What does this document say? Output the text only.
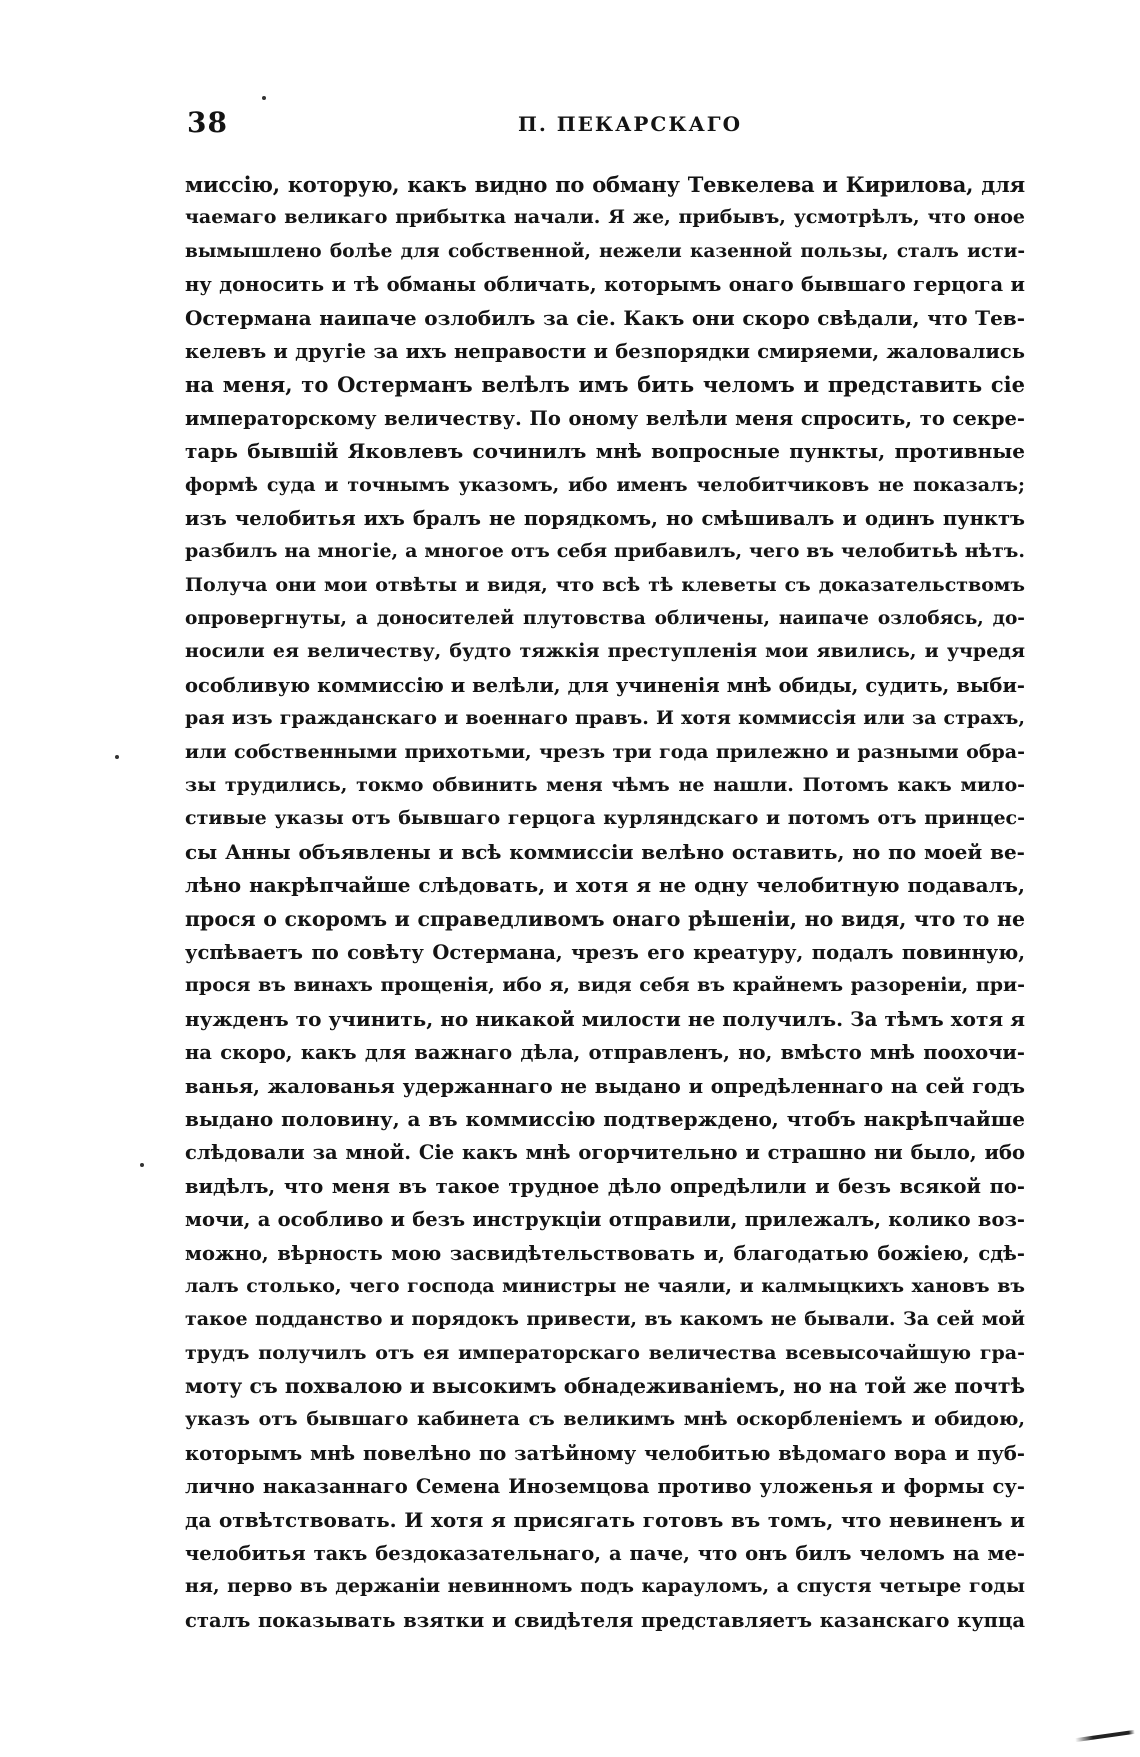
38	П. ПЕКАРСКАГО
миссію, которую, какъ видно по обману Тевкелева и Кирилова, для
чаемаго великаго прибытка начали. Я же, прибывъ, усмотрѣлъ, что оное
вымышлено болѣе для собственной, нежели казенной пользы, сталъ исти-
ну доносить и тѣ обманы обличать, которымъ онаго бывшаго герцога и
Остермана наипаче озлобилъ за сіе. Какъ они скоро свѣдали, что Тев-
келевъ и другіе за ихъ неправости и безпорядки смиряеми, жаловались
на меня, то Остерманъ велѣлъ имъ бить челомъ и представить сіе
императорскому величеству. По оному велѣли меня спросить, то секре-
тарь бывшій Яковлевъ сочинилъ мнѣ вопросные пункты, противные
формѣ суда и точнымъ указомъ, ибо именъ челобитчиковъ не показалъ;
изъ челобитья ихъ бралъ не порядкомъ, но смѣшивалъ и одинъ пунктъ
разбилъ на многіе, а многое отъ себя прибавилъ, чего въ челобитьѣ нѣтъ.
Получа они мои отвѣты и видя, что всѣ тѣ клеветы съ доказательствомъ
опровергнуты, а доносителей плутовства обличены, наипаче озлобясь, до-
носили ея величеству, будто тяжкія преступленія мои явились, и учредя
особливую коммиссію и велѣли, для учиненія мнѣ обиды, судить, выби-
рая изъ гражданскаго и военнаго правъ. И хотя коммиссія или за страхъ,
или собственными прихотьми, чрезъ три года прилежно и разными обра-
зы трудились, токмо обвинить меня чѣмъ не нашли. Потомъ какъ мило-
стивые указы отъ бывшаго герцога курляндскаго и потомъ отъ принцес-
сы Анны объявлены и всѣ коммиссіи велѣно оставить, но по моей ве-
лѣно накрѣпчайше слѣдовать, и хотя я не одну челобитную подавалъ,
прося о скоромъ и справедливомъ онаго рѣшеніи, но видя, что то не
успѣваетъ по совѣту Остермана, чрезъ его креатуру, подалъ повинную,
прося въ винахъ прощенія, ибо я, видя себя въ крайнемъ разореніи, при-
нужденъ то учинить, но никакой милости не получилъ. За тѣмъ хотя я
на скоро, какъ для важнаго дѣла, отправленъ, но, вмѣсто мнѣ поохочи-
ванья, жалованья удержаннаго не выдано и опредѣленнаго на сей годъ
выдано половину, а въ коммиссію подтверждено, чтобъ накрѣпчайше
слѣдовали за мной. Сіе какъ мнѣ огорчительно и страшно ни было, ибо
видѣлъ, что меня въ такое трудное дѣло опредѣлили и безъ всякой по-
мочи, а особливо и безъ инструкціи отправили, прилежалъ, колико воз-
можно, вѣрность мою засвидѣтельствовать и, благодатью божіею, сдѣ-
лалъ столько, чего господа министры не чаяли, и калмыцкихъ хановъ въ
такое подданство и порядокъ привести, въ какомъ не бывали. За сей мой
трудъ получилъ отъ ея императорскаго величества всевысочайшую гра-
моту съ похвалою и высокимъ обнадеживаніемъ, но на той же почтѣ
указъ отъ бывшаго кабинета съ великимъ мнѣ оскорбленіемъ и обидою,
которымъ мнѣ повелѣно по затѣйному челобитью вѣдомаго вора и пуб-
лично наказаннаго Семена Иноземцова противо уложенья и формы су-
да отвѣтствовать. И хотя я присягать готовъ въ томъ, что невиненъ и
челобитья такъ бездоказательнаго, а паче, что онъ билъ челомъ на ме-
ня, перво въ держаніи невинномъ подъ карауломъ, а спустя четыре годы
сталъ показывать взятки и свидѣтеля представляетъ казанскаго купца
